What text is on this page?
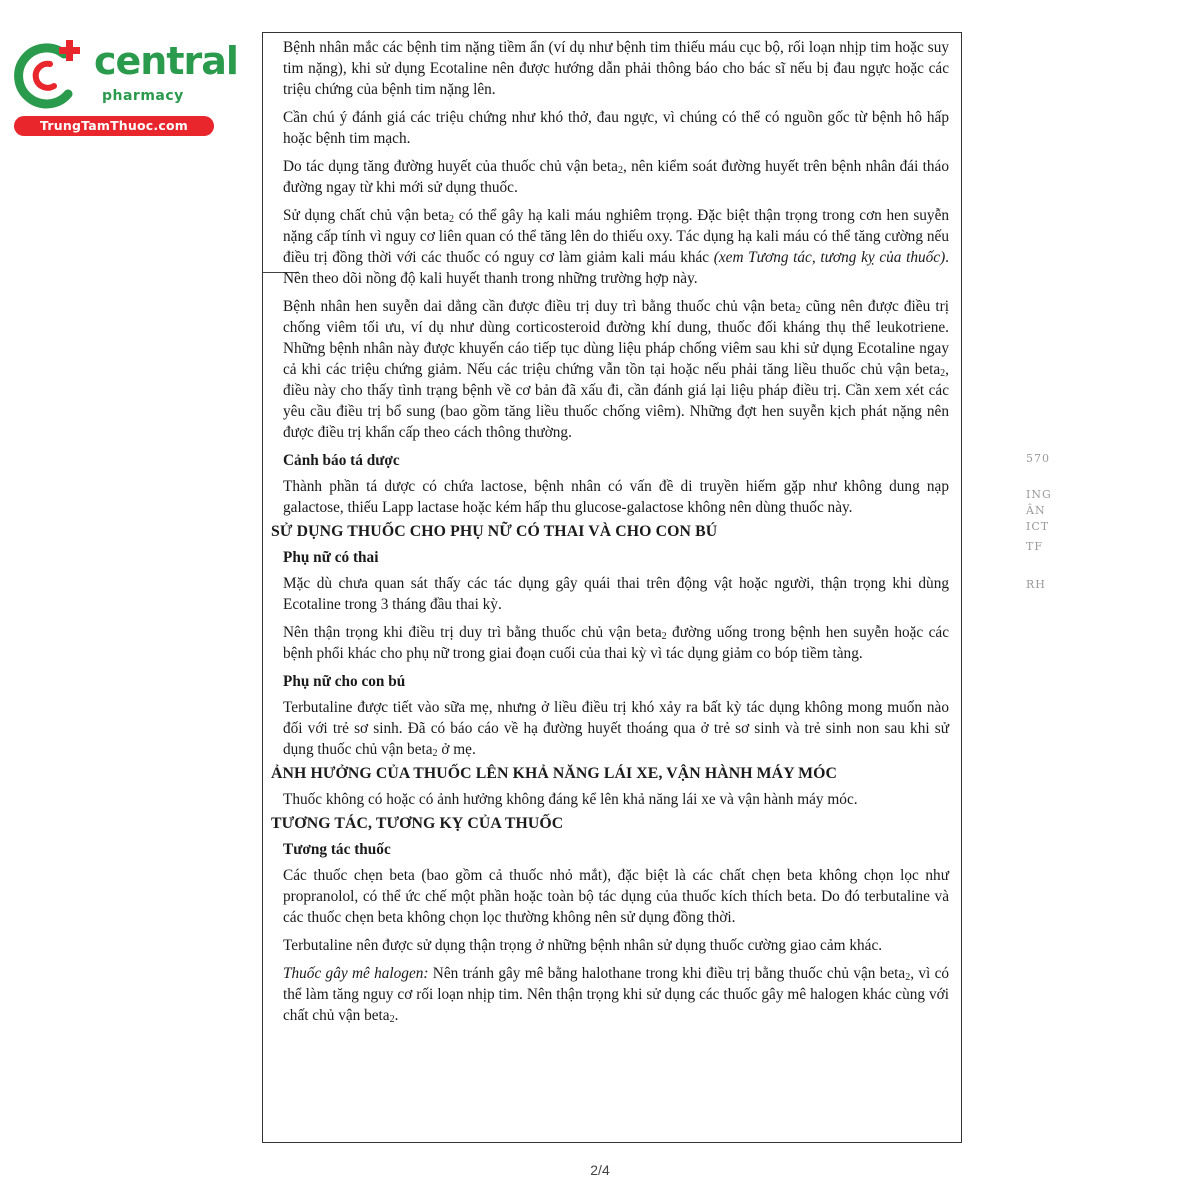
central
pharmacy
TrungTamThuoc.com

Bệnh nhân mắc các bệnh tim nặng tiềm ẩn (ví dụ như bệnh tim thiếu máu cục bộ, rối loạn nhịp tim hoặc suy tim nặng), khi sử dụng Ecotaline nên được hướng dẫn phải thông báo cho bác sĩ nếu bị đau ngực hoặc các triệu chứng của bệnh tim nặng lên.

Cần chú ý đánh giá các triệu chứng như khó thở, đau ngực, vì chúng có thể có nguồn gốc từ bệnh hô hấp hoặc bệnh tim mạch.

Do tác dụng tăng đường huyết của thuốc chủ vận beta$_2$, nên kiểm soát đường huyết trên bệnh nhân đái tháo đường ngay từ khi mới sử dụng thuốc.

Sử dụng chất chủ vận beta$_2$ có thể gây hạ kali máu nghiêm trọng. Đặc biệt thận trọng trong cơn hen suyễn nặng cấp tính vì nguy cơ liên quan có thể tăng lên do thiếu oxy. Tác dụng hạ kali máu có thể tăng cường nếu điều trị đồng thời với các thuốc có nguy cơ làm giảm kali máu khác (xem Tương tác, tương kỵ của thuốc). Nên theo dõi nồng độ kali huyết thanh trong những trường hợp này.

Bệnh nhân hen suyễn dai dẳng cần được điều trị duy trì bằng thuốc chủ vận beta$_2$ cũng nên được điều trị chống viêm tối ưu, ví dụ như dùng corticosteroid đường khí dung, thuốc đối kháng thụ thể leukotriene. Những bệnh nhân này được khuyến cáo tiếp tục dùng liệu pháp chống viêm sau khi sử dụng Ecotaline ngay cả khi các triệu chứng giảm. Nếu các triệu chứng vẫn tồn tại hoặc nếu phải tăng liều thuốc chủ vận beta$_2$, điều này cho thấy tình trạng bệnh về cơ bản đã xấu đi, cần đánh giá lại liệu pháp điều trị. Cần xem xét các yêu cầu điều trị bổ sung (bao gồm tăng liều thuốc chống viêm). Những đợt hen suyễn kịch phát nặng nên được điều trị khẩn cấp theo cách thông thường.

Cảnh báo tá dược

Thành phần tá dược có chứa lactose, bệnh nhân có vấn đề di truyền hiếm gặp như không dung nạp galactose, thiếu Lapp lactase hoặc kém hấp thu glucose-galactose không nên dùng thuốc này.

SỬ DỤNG THUỐC CHO PHỤ NỮ CÓ THAI VÀ CHO CON BÚ
Phụ nữ có thai

Mặc dù chưa quan sát thấy các tác dụng gây quái thai trên động vật hoặc người, thận trọng khi dùng Ecotaline trong 3 tháng đầu thai kỳ.

Nên thận trọng khi điều trị duy trì bằng thuốc chủ vận beta$_2$ đường uống trong bệnh hen suyễn hoặc các bệnh phổi khác cho phụ nữ trong giai đoạn cuối của thai kỳ vì tác dụng giảm co bóp tiềm tàng.

Phụ nữ cho con bú

Terbutaline được tiết vào sữa mẹ, nhưng ở liều điều trị khó xảy ra bất kỳ tác dụng không mong muốn nào đối với trẻ sơ sinh. Đã có báo cáo về hạ đường huyết thoáng qua ở trẻ sơ sinh và trẻ sinh non sau khi sử dụng thuốc chủ vận beta$_2$ ở mẹ.

ẢNH HƯỞNG CỦA THUỐC LÊN KHẢ NĂNG LÁI XE, VẬN HÀNH MÁY MÓC

Thuốc không có hoặc có ảnh hưởng không đáng kể lên khả năng lái xe và vận hành máy móc.

TƯƠNG TÁC, TƯƠNG KỴ CỦA THUỐC
Tương tác thuốc

Các thuốc chẹn beta (bao gồm cả thuốc nhỏ mắt), đặc biệt là các chất chẹn beta không chọn lọc như propranolol, có thể ức chế một phần hoặc toàn bộ tác dụng của thuốc kích thích beta. Do đó terbutaline và các thuốc chẹn beta không chọn lọc thường không nên sử dụng đồng thời.

Terbutaline nên được sử dụng thận trọng ở những bệnh nhân sử dụng thuốc cường giao cảm khác.

Thuốc gây mê halogen: Nên tránh gây mê bằng halothane trong khi điều trị bằng thuốc chủ vận beta$_2$, vì có thể làm tăng nguy cơ rối loạn nhịp tim. Nên thận trọng khi sử dụng các thuốc gây mê halogen khác cùng với chất chủ vận beta$_2$.

570
ING
ÂN
ICT
TF
RH
2/4
